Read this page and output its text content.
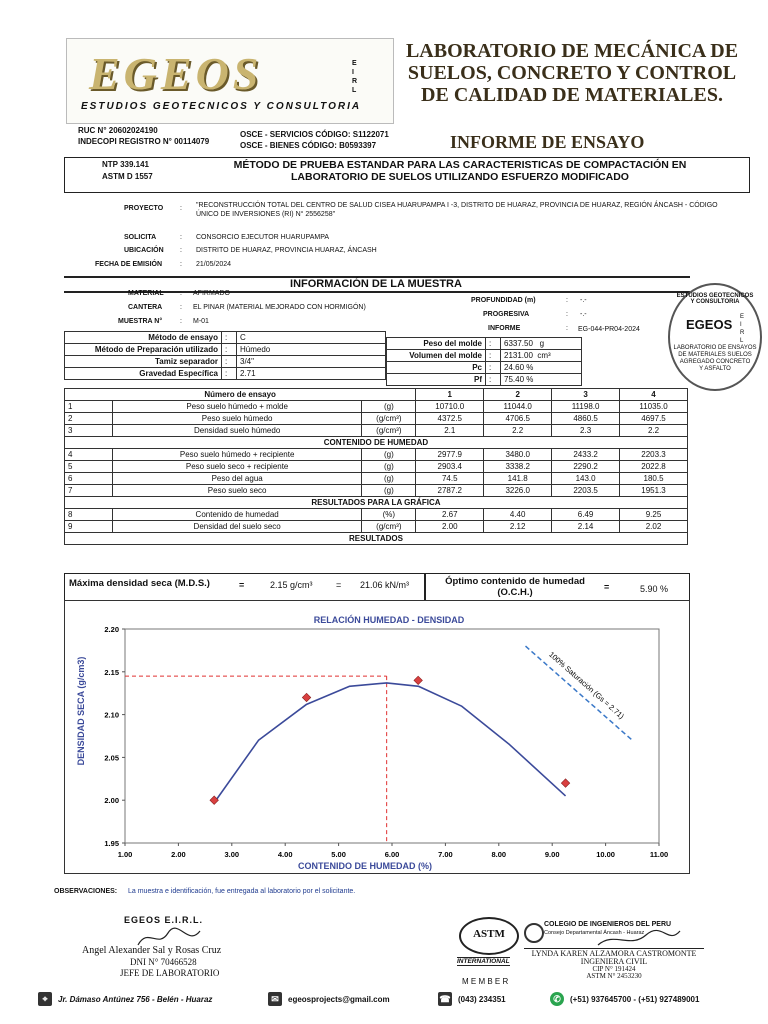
EGEOS	E I R L
ESTUDIOS GEOTECNICOS Y CONSULTORIA
LABORATORIO DE MECÁNICA DE SUELOS, CONCRETO Y CONTROL DE CALIDAD DE MATERIALES.
RUC N° 20602024190
INDECOPI REGISTRO N° 00114079
OSCE - SERVICIOS CÓDIGO: S1122071
OSCE - BIENES CÓDIGO: B0593397	INFORME DE ENSAYO
NTP 339.141
ASTM D 1557
MÉTODO DE PRUEBA ESTANDAR PARA LAS CARACTERISTICAS DE COMPACTACIÓN EN LABORATORIO DE SUELOS UTILIZANDO ESFUERZO MODIFICADO
PROYECTO : "RECONSTRUCCIÓN TOTAL DEL CENTRO DE SALUD CISEA HUARUPAMPA I -3, DISTRITO DE HUARAZ, PROVINCIA DE HUARAZ, REGIÓN ÁNCASH - CÓDIGO ÚNICO DE INVERSIONES (RI) N° 2556258"
SOLICITA	: CONSORCIO EJECUTOR HUARUPAMPA
UBICACIÓN : DISTRITO DE HUARAZ, PROVINCIA HUARAZ, ÁNCASH
FECHA DE EMISIÓN	: 21/05/2024
INFORMACIÓN DE LA MUESTRA
MATERIAL : AFIRMADO
CANTERA	: EL PINAR (MATERIAL MEJORADO CON HORMIGÓN)
MUESTRA N°	: M-01
PROFUNDIDAD (m)	: -.-
PROGRESIVA	: -.-
INFORME	: EG-044-PR04-2024
Método de ensayo	:	C
Método de Preparación utilizado	:	Húmedo
Tamiz separador	:	3/4"
Gravedad Específica	:	2.71
Peso del molde	:	6337.50 g
Volumen del molde	:	2131.00 cm³
Pc	:	24.60 %
Pf	:	75.40 %
Número de ensayo			1	2	3	4
1	Peso suelo húmedo + molde	(g)	10710.0	11044.0	11198.0	11035.0
2	Peso suelo húmedo	(g/cm³)	4372.5	4706.5	4860.5	4697.5
3	Densidad suelo húmedo	(g/cm³)	2.1	2.2	2.3	2.2
CONTENIDO DE HUMEDAD						
4	Peso suelo húmedo + recipiente	(g)	2977.9	3480.0	2433.2	2203.3
5	Peso suelo seco + recipiente	(g)	2903.4	3338.2	2290.2	2022.8
6	Peso del agua	(g)	74.5	141.8	143.0	180.5
7	Peso suelo seco	(g)	2787.2	3226.0	2203.5	1951.3
RESULTADOS PARA LA GRÁFICA						
8	Contenido de humedad	(%)	2.67	4.40	6.49	9.25
9	Densidad del suelo seco	(g/cm³)	2.00	2.12	2.14	2.02
RESULTADOS						
Máxima densidad seca (M.D.S.)	=	2.15 g/cm³	= 21.06 kN/m³	Óptimo contenido de humedad (O.C.H.)	=	5.90 %
RELACIÓN HUMEDAD - DENSIDAD
CONTENIDO DE HUMEDAD (%)
DENSIDAD SECA (g/cm3)
1.00	2.00	3.00	4.00	5.00	6.00	7.00	8.00	9.00	10.00	11.00
1.95
2.00
2.05
2.10
2.15
2.20
100% Saturación (Gs = 2.71)
OBSERVACIONES: La muestra e identificación, fue entregada al laboratorio por el solicitante.
ESTUDIOS GEOTECNICOS Y CONSULTORIA
EGEOS E I R L
LABORATORIO DE ENSAYOS
DE MATERIALES SUELOS
AGREGADO CONCRETO
Y ASFALTO
EGEOS E.I.R.L.
Angel Alexander Sal y Rosas Cruz
DNI N° 70466528
JEFE DE LABORATORIO
ASTM
INTERNATIONAL
M E M B E R
COLEGIO DE INGENIEROS DEL PERU
Consejo Departamental Áncash - Huaraz
LYNDA KAREN ALZAMORA CASTROMONTE
INGENIERA CIVIL
CIP N° 191424
ASTM N° 2453230
⌖	Jr. Dámaso Antúnez 756 - Belén - Huaraz	✉	egeosprojects@gmail.com	☎ (043) 234351	✆	(+51) 937645700 - (+51) 927489001
